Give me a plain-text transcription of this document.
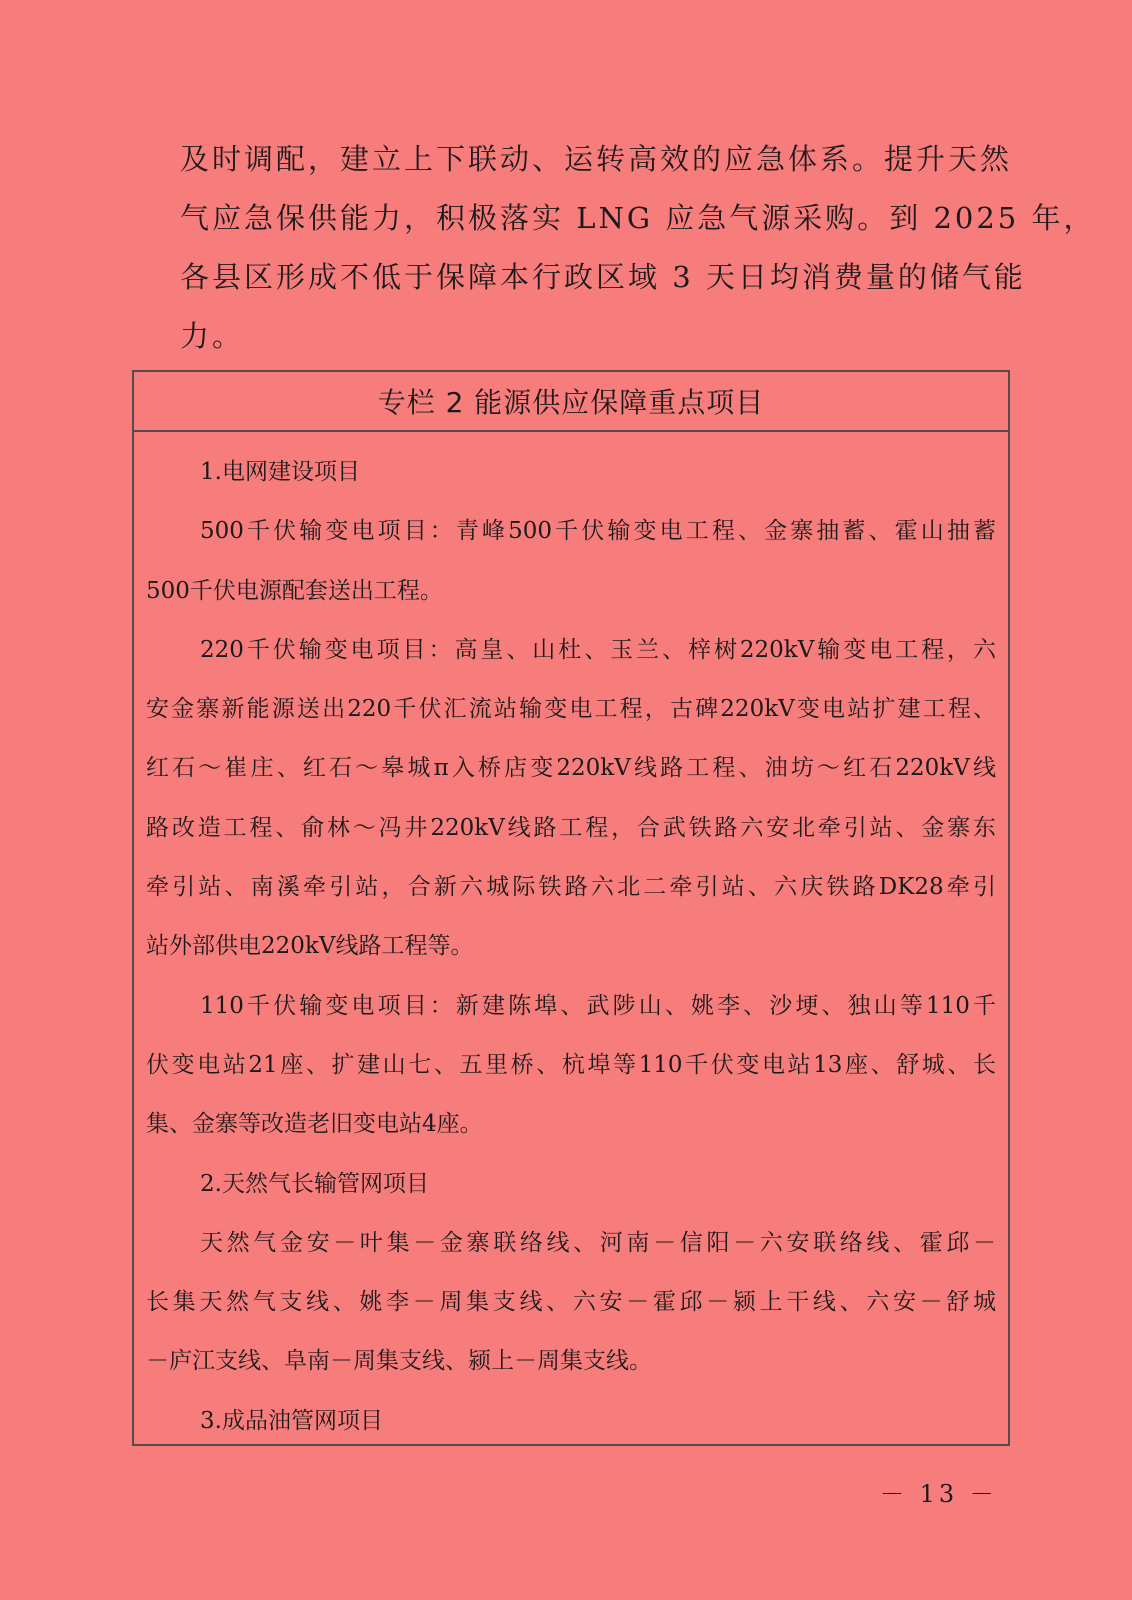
及时调配，建立上下联动、运转高效的应急体系。提升天然

气应急保供能力，积极落实 LNG 应急气源采购。到 2025 年，

各县区形成不低于保障本行政区域 3 天日均消费量的储气能

力。

专栏 2 能源供应保障重点项目

1.电网建设项目

500千伏输变电项目：青峰500千伏输变电工程、金寨抽蓄、霍山抽蓄

500千伏电源配套送出工程。

220千伏输变电项目：高皇、山杜、玉兰、梓树220kV输变电工程，六

安金寨新能源送出220千伏汇流站输变电工程，古碑220kV变电站扩建工程、

红石～崔庄、红石～皋城π入桥店变220kV线路工程、油坊～红石220kV线

路改造工程、俞林～冯井220kV线路工程，合武铁路六安北牵引站、金寨东

牵引站、南溪牵引站，合新六城际铁路六北二牵引站、六庆铁路DK28牵引

站外部供电220kV线路工程等。

110千伏输变电项目：新建陈埠、武陟山、姚李、沙埂、独山等110千

伏变电站21座、扩建山七、五里桥、杭埠等110千伏变电站13座、舒城、长

集、金寨等改造老旧变电站4座。

2.天然气长输管网项目

天然气金安－叶集－金寨联络线、河南－信阳－六安联络线、霍邱－

长集天然气支线、姚李－周集支线、六安－霍邱－颍上干线、六安－舒城

－庐江支线、阜南－周集支线、颍上－周集支线。

3.成品油管网项目

－ 13 －
